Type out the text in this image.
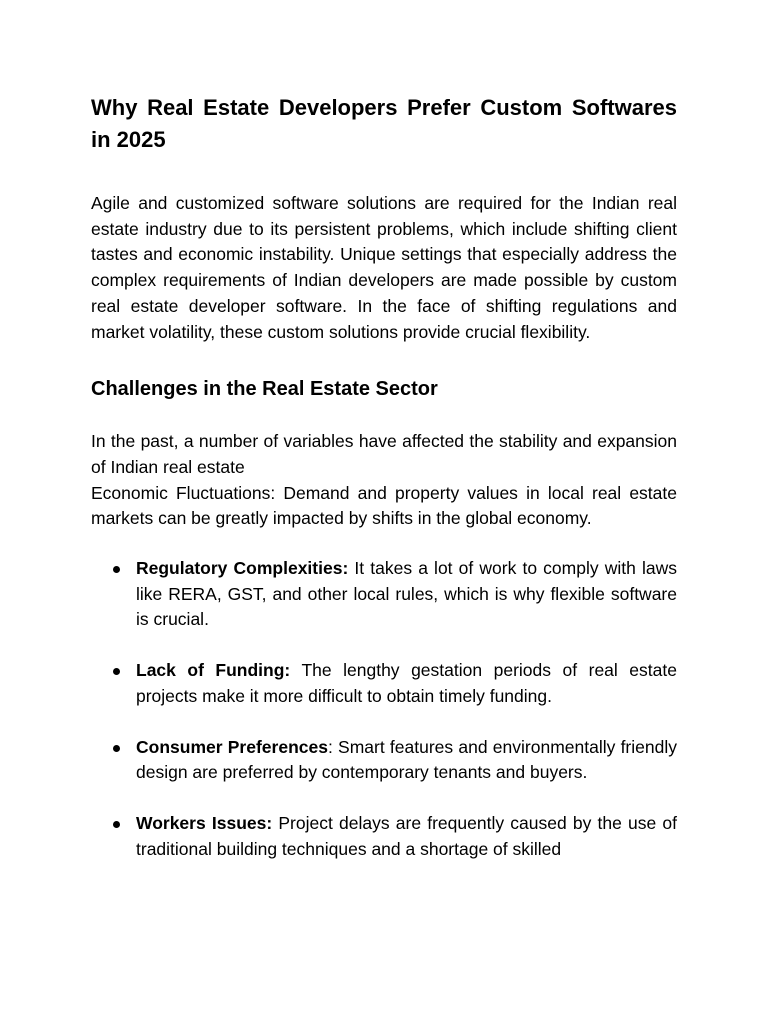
Why Real Estate Developers Prefer Custom Softwares in 2025

Agile and customized software solutions are required for the Indian real estate industry due to its persistent problems, which include shifting client tastes and economic instability. Unique settings that especially address the complex requirements of Indian developers are made possible by custom real estate developer software. In the face of shifting regulations and market volatility, these custom solutions provide crucial flexibility.

Challenges in the Real Estate Sector

In the past, a number of variables have affected the stability and expansion of Indian real estate

Economic Fluctuations: Demand and property values in local real estate markets can be greatly impacted by shifts in the global economy.

Regulatory Complexities: It takes a lot of work to comply with laws like RERA, GST, and other local rules, which is why flexible software is crucial.
Lack of Funding: The lengthy gestation periods of real estate projects make it more difficult to obtain timely funding.
Consumer Preferences: Smart features and environmentally friendly design are preferred by contemporary tenants and buyers.
Workers Issues: Project delays are frequently caused by the use of traditional building techniques and a shortage of skilled
